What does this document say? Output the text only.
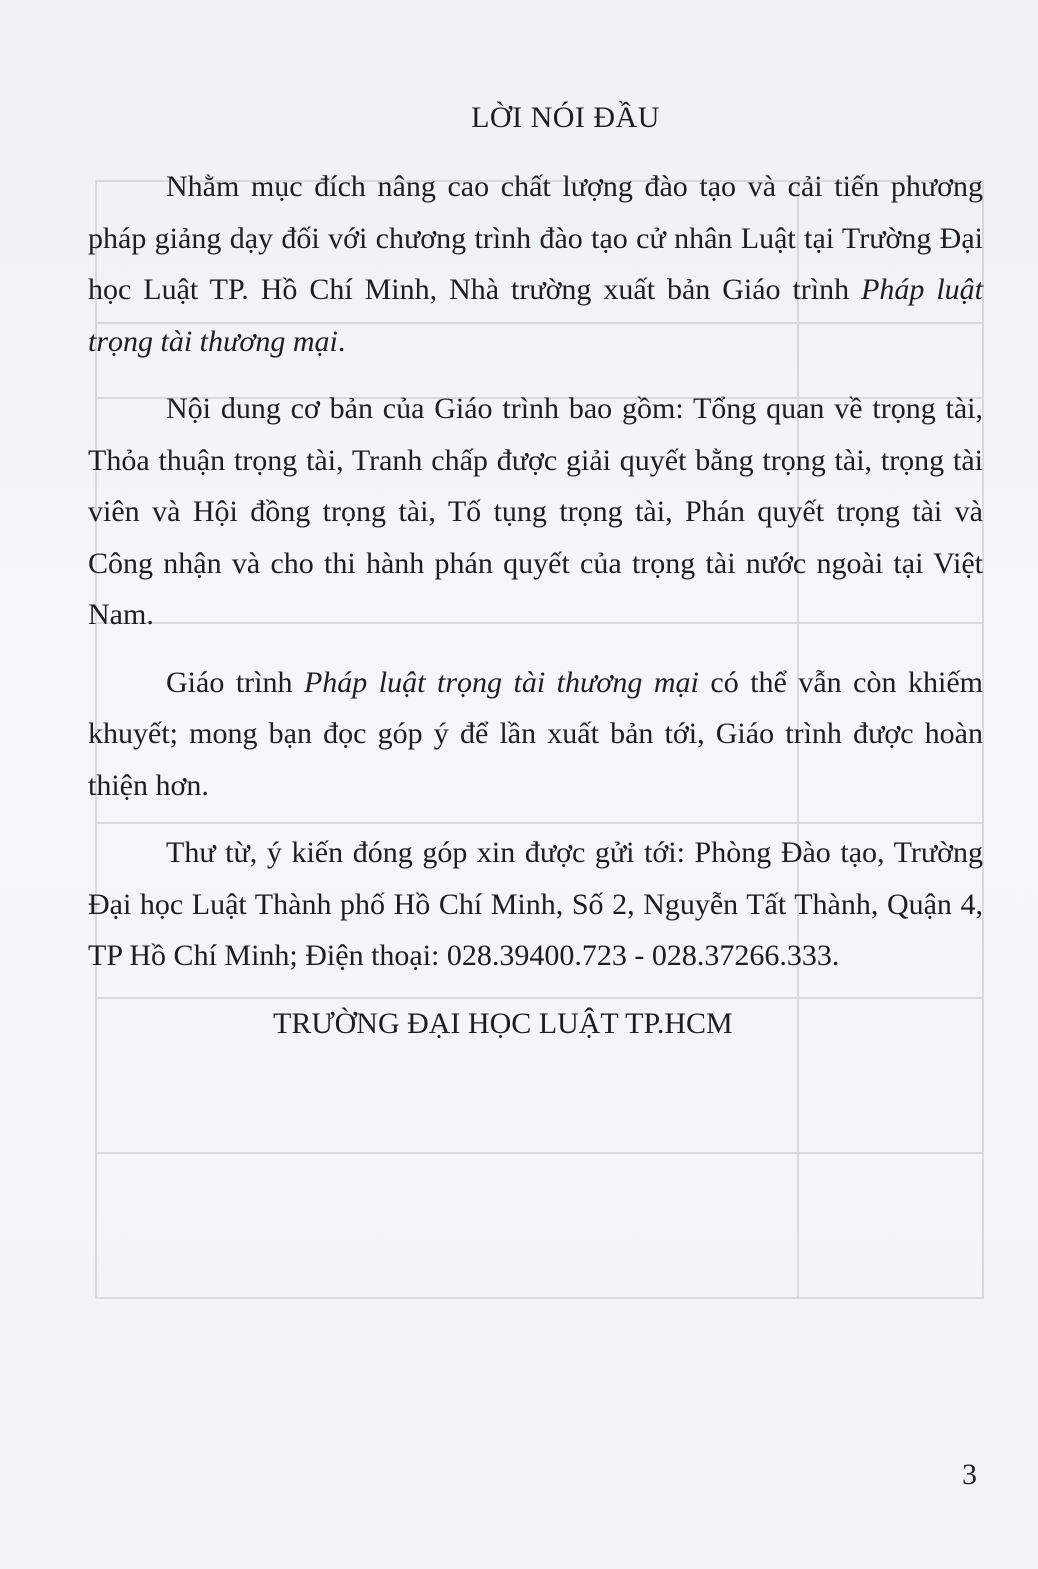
LỜI NÓI ĐẦU

Nhằm mục đích nâng cao chất lượng đào tạo và cải tiến phương pháp giảng dạy đối với chương trình đào tạo cử nhân Luật tại Trường Đại học Luật TP. Hồ Chí Minh, Nhà trường xuất bản Giáo trình Pháp luật trọng tài thương mại.

Nội dung cơ bản của Giáo trình bao gồm: Tổng quan về trọng tài, Thỏa thuận trọng tài, Tranh chấp được giải quyết bằng trọng tài, trọng tài viên và Hội đồng trọng tài, Tố tụng trọng tài, Phán quyết trọng tài và Công nhận và cho thi hành phán quyết của trọng tài nước ngoài tại Việt Nam.

Giáo trình Pháp luật trọng tài thương mại có thể vẫn còn khiếm khuyết; mong bạn đọc góp ý để lần xuất bản tới, Giáo trình được hoàn thiện hơn.

Thư từ, ý kiến đóng góp xin được gửi tới: Phòng Đào tạo, Trường Đại học Luật Thành phố Hồ Chí Minh, Số 2, Nguyễn Tất Thành, Quận 4, TP Hồ Chí Minh; Điện thoại: 028.39400.723 - 028.37266.333.

TRƯỜNG ĐẠI HỌC LUẬT TP.HCM
3
